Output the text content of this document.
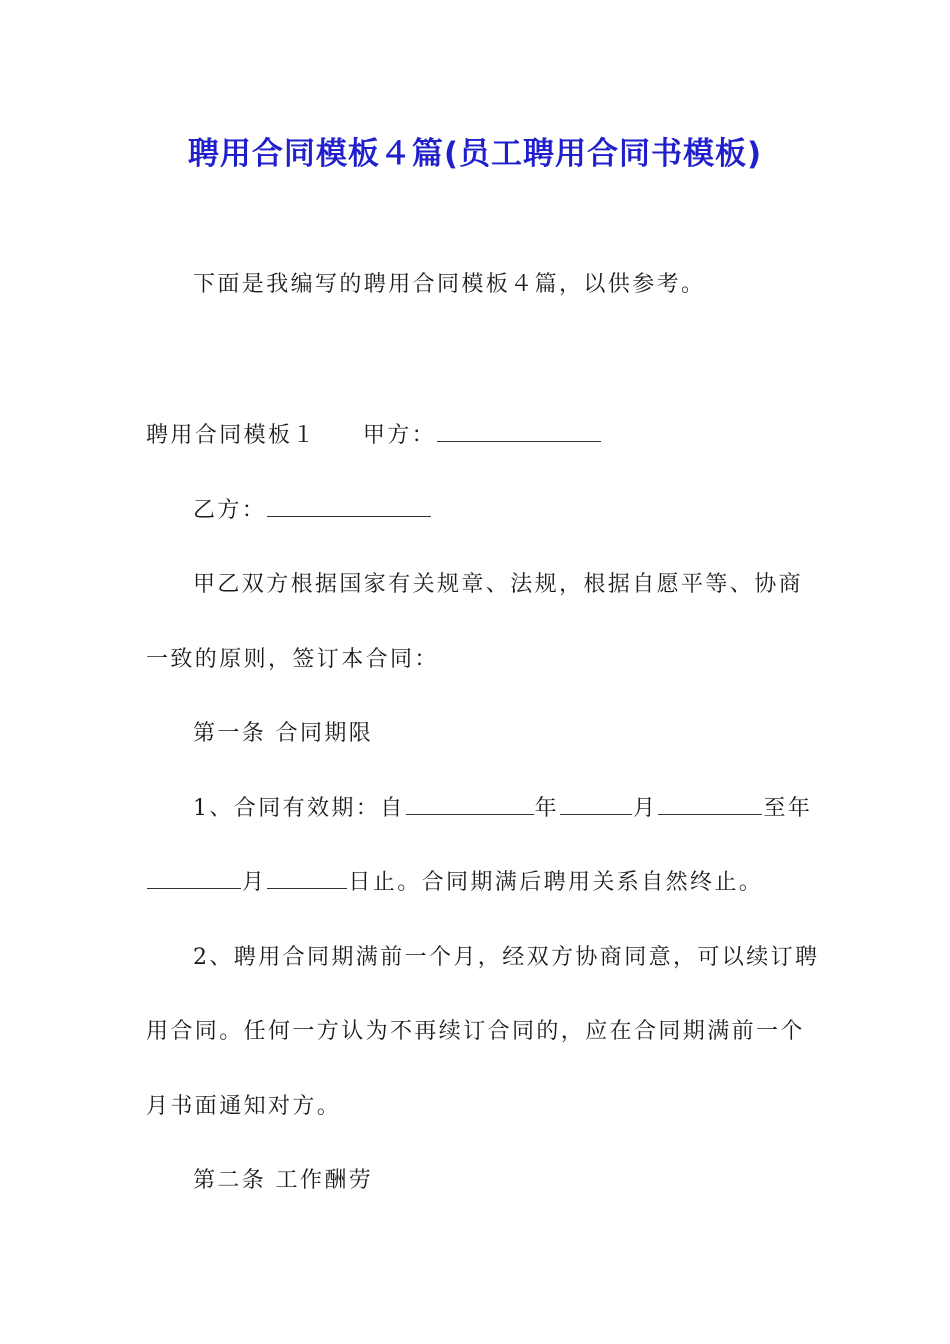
聘用合同模板４篇(员工聘用合同书模板)
下面是我编写的聘用合同模板４篇，以供参考。
聘用合同模板１ 甲方：
乙方：
甲乙双方根据国家有关规章、法规，根据自愿平等、协商
一致的原则，签订本合同：
第一条 合同期限
1、合同有效期：自	年	月	至年
月	日止。合同期满后聘用关系自然终止。
2、聘用合同期满前一个月，经双方协商同意，可以续订聘
用合同。任何一方认为不再续订合同的，应在合同期满前一个
月书面通知对方。
第二条 工作酬劳
